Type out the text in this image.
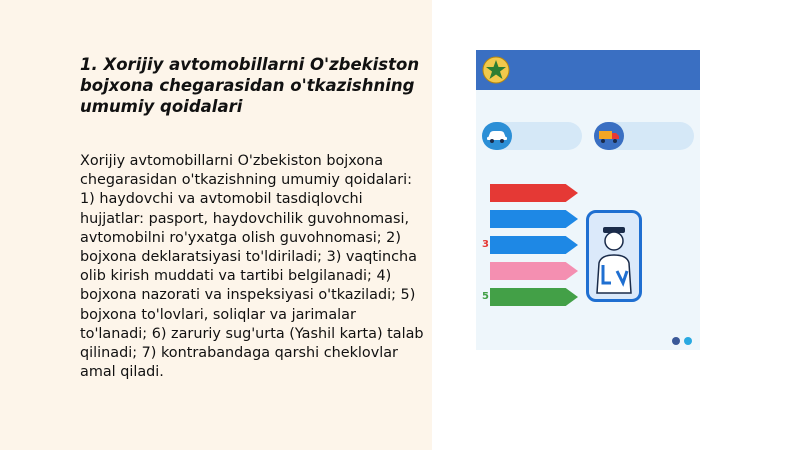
1. Xorijiy avtomobillarni O'zbekiston bojxona chegarasidan o'tkazishning umumiy qoidalari
Xorijiy avtomobillarni O'zbekiston bojxona chegarasidan o'tkazishning umumiy qoidalari: 1) haydovchi va avtomobil tasdiqlovchi hujjatlar: pasport, haydovchilik guvohnomasi, avtomobilni ro'yxatga olish guvohnomasi; 2) bojxona deklaratsiyasi to'ldiriladi; 3) vaqtincha olib kirish muddati va tartibi belgilanadi; 4) bojxona nazorati va inspeksiyasi o'tkaziladi; 5) bojxona to'lovlari, soliqlar va jarimalar to'lanadi; 6) zaruriy sug'urta (Yashil karta) talab qilinadi; 7) kontrabandaga qarshi cheklovlar amal qiladi.
3
5
